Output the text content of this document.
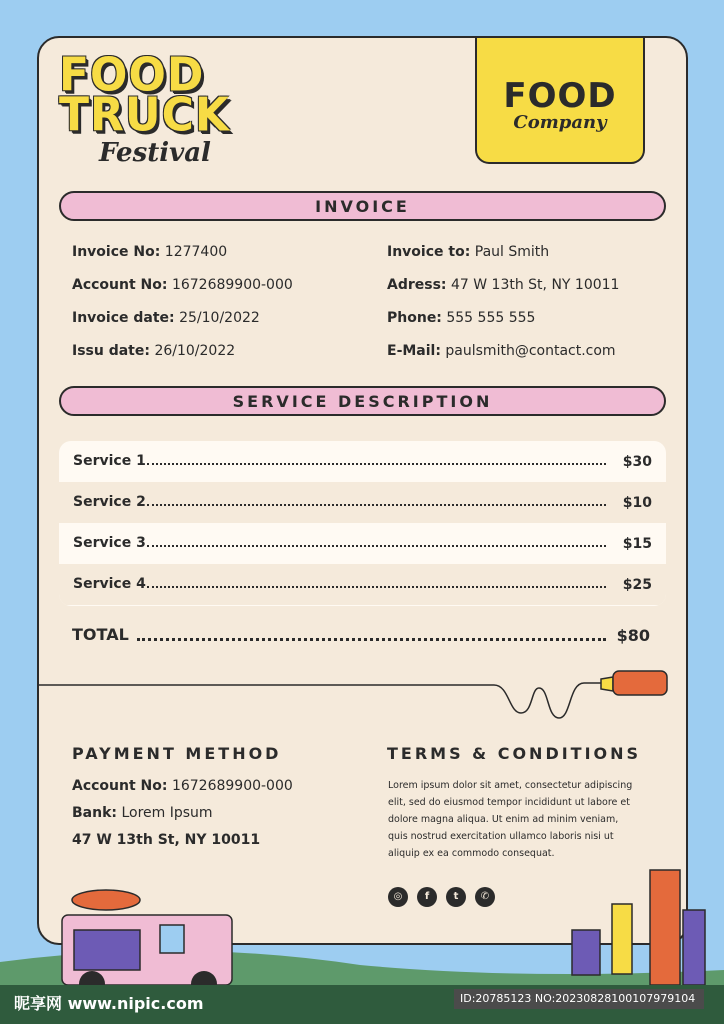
FOOD
TRUCK
Festival
FOOD
Company
INVOICE
Invoice No: 1277400
Account No: 1672689900-000
Invoice date: 25/10/2022
Issu date: 26/10/2022
Invoice to: Paul Smith
Adress: 47 W 13th St, NY 10011
Phone: 555 555 555
E-Mail: paulsmith@contact.com
SERVICE DESCRIPTION
Service 1	$30
Service 2	$10
Service 3	$15
Service 4	$25
TOTAL	$80
PAYMENT METHOD
Account No: 1672689900-000
Bank: Lorem Ipsum
47 W 13th St, NY 10011
TERMS & CONDITIONS
Lorem ipsum dolor sit amet, consectetur adipiscing elit, sed do eiusmod tempor incididunt ut labore et dolore magna aliqua. Ut enim ad minim veniam, quis nostrud exercitation ullamco laboris nisi ut aliquip ex ea commodo consequat.
◎	f	t	✆
昵享网 www.nipic.com	ID:20785123 NO:20230828100107979104
